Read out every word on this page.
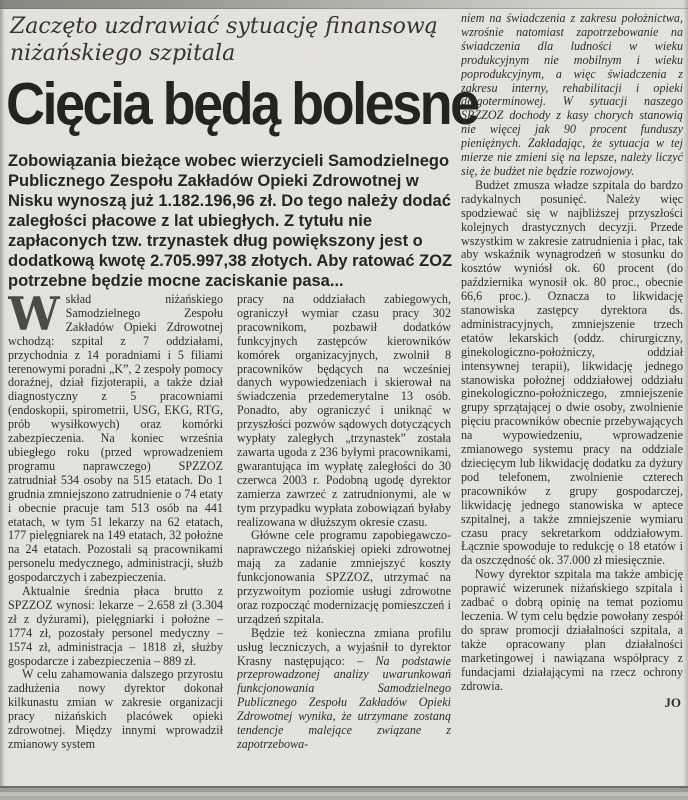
Zaczęto uzdrawiać sytuację finansową niżańskiego szpitala
Cięcia będą bolesne
Zobowiązania bieżące wobec wierzycieli Samodzielnego Publicznego Zespołu Zakładów Opieki Zdrowotnej w Nisku wynoszą już 1.182.196,96 zł. Do tego należy dodać zaległości płacowe z lat ubiegłych. Z tytułu nie zapłaconych tzw. trzynastek dług powiększony jest o dodatkową kwotę 2.705.997,38 złotych. Aby ratować ZOZ potrzebne będzie mocne zaciskanie pasa...

Wskład niżańskiego Samodzielnego Zespołu Zakładów Opieki Zdrowotnej wchodzą: szpital z 7 oddziałami, przychodnia z 14 poradniami i 5 filiami terenowymi poradni „K”, 2 zespoły pomocy doraźnej, dział fizjoterapii, a także dział diagnostyczny z 5 pracowniami (endoskopii, spirometrii, USG, EKG, RTG, prób wysiłkowych) oraz komórki zabezpieczenia. Na koniec września ubiegłego roku (przed wprowadzeniem programu naprawczego) SPZZOZ zatrudniał 534 osoby na 515 etatach. Do 1 grudnia zmniejszono zatrudnienie o 74 etaty i obecnie pracuje tam 513 osób na 441 etatach, w tym 51 lekarzy na 62 etatach, 177 pielęgniarek na 149 etatach, 32 położne na 24 etatach. Pozostali są pracownikami personelu medycznego, administracji, służb gospodarczych i zabezpieczenia.

Aktualnie średnia płaca brutto z SPZZOZ wynosi: lekarze – 2.658 zł (3.304 zł z dyżurami), pielęgniarki i położne – 1774 zł, pozostały personel medyczny – 1574 zł, administracja – 1818 zł, służby gospodarcze i zabezpieczenia – 889 zł.

W celu zahamowania dalszego przyrostu zadłużenia nowy dyrektor dokonał kilkunastu zmian w zakresie organizacji pracy niżańskich placówek opieki zdrowotnej. Między innymi wprowadził zmianowy system

pracy na oddziałach zabiegowych, ograniczył wymiar czasu pracy 302 pracownikom, pozbawił dodatków funkcyjnych zastępców kierowników komórek organizacyjnych, zwolnił 8 pracowników będących na wcześniej danych wypowiedzeniach i skierował na świadczenia przedemerytalne 13 osób. Ponadto, aby ograniczyć i uniknąć w przyszłości pozwów sądowych dotyczących wypłaty zaległych „trzynastek” została zawarta ugoda z 236 byłymi pracownikami, gwarantująca im wypłatę zaległości do 30 czerwca 2003 r. Podobną ugodę dyrektor zamierza zawrzeć z zatrudnionymi, ale w tym przypadku wypłata zobowiązań byłaby realizowana w dłuższym okresie czasu.

Główne cele programu zapobiegawczo-naprawczego niżańskiej opieki zdrowotnej mają za zadanie zmniejszyć koszty funkcjonowania SPZZOZ, utrzymać na przyzwoitym poziomie usługi zdrowotne oraz rozpocząć modernizację pomieszczeń i urządzeń szpitala.

Będzie też konieczna zmiana profilu usług leczniczych, a wyjaśnił to dyrektor Krasny następująco: – Na podstawie przeprowadzonej analizy uwarunkowań funkcjonowania Samodzielnego Publicznego Zespołu Zakładów Opieki Zdrowotnej wynika, że utrzymane zostaną tendencje malejące związane z zapotrzebowa-

niem na świadczenia z zakresu położnictwa, wzrośnie natomiast zapotrzebowanie na świadczenia dla ludności w wieku produkcyjnym nie mobilnym i wieku poprodukcyjnym, a więc świadczenia z zakresu interny, rehabilitacji i opieki długoterminowej. W sytuacji naszego SPZZOZ dochody z kasy chorych stanowią nie więcej jak 90 procent funduszy pieniężnych. Zakładając, że sytuacja w tej mierze nie zmieni się na lepsze, należy liczyć się, że budżet nie będzie rozwojowy.

Budżet zmusza władze szpitala do bardzo radykalnych posunięć. Należy więc spodziewać się w najbliższej przyszłości kolejnych drastycznych decyzji. Przede wszystkim w zakresie zatrudnienia i płac, tak aby wskaźnik wynagrodzeń w stosunku do kosztów wyniósł ok. 60 procent (do października wynosił ok. 80 proc., obecnie 66,6 proc.). Oznacza to likwidację stanowiska zastępcy dyrektora ds. administracyjnych, zmniejszenie trzech etatów lekarskich (oddz. chirurgiczny, ginekologiczno-położniczy, oddział intensywnej terapii), likwidację jednego stanowiska położnej oddziałowej oddziału ginekologiczno-położniczego, zmniejszenie grupy sprzątającej o dwie osoby, zwolnienie pięciu pracowników obecnie przebywających na wypowiedzeniu, wprowadzenie zmianowego systemu pracy na oddziale dziecięcym lub likwidację dodatku za dyżury pod telefonem, zwolnienie czterech pracowników z grupy gospodarczej, likwidację jednego stanowiska w aptece szpitalnej, a także zmniejszenie wymiaru czasu pracy sekretarkom oddziałowym. Łącznie spowoduje to redukcję o 18 etatów i da oszczędność ok. 37.000 zł miesięcznie.

Nowy dyrektor szpitala ma także ambicję poprawić wizerunek niżańskiego szpitala i zadbać o dobrą opinię na temat poziomu leczenia. W tym celu będzie powołany zespół do spraw promocji działalności szpitala, a także opracowany plan działalności marketingowej i nawiązana współpracy z fundacjami działającymi na rzecz ochrony zdrowia.

JO
